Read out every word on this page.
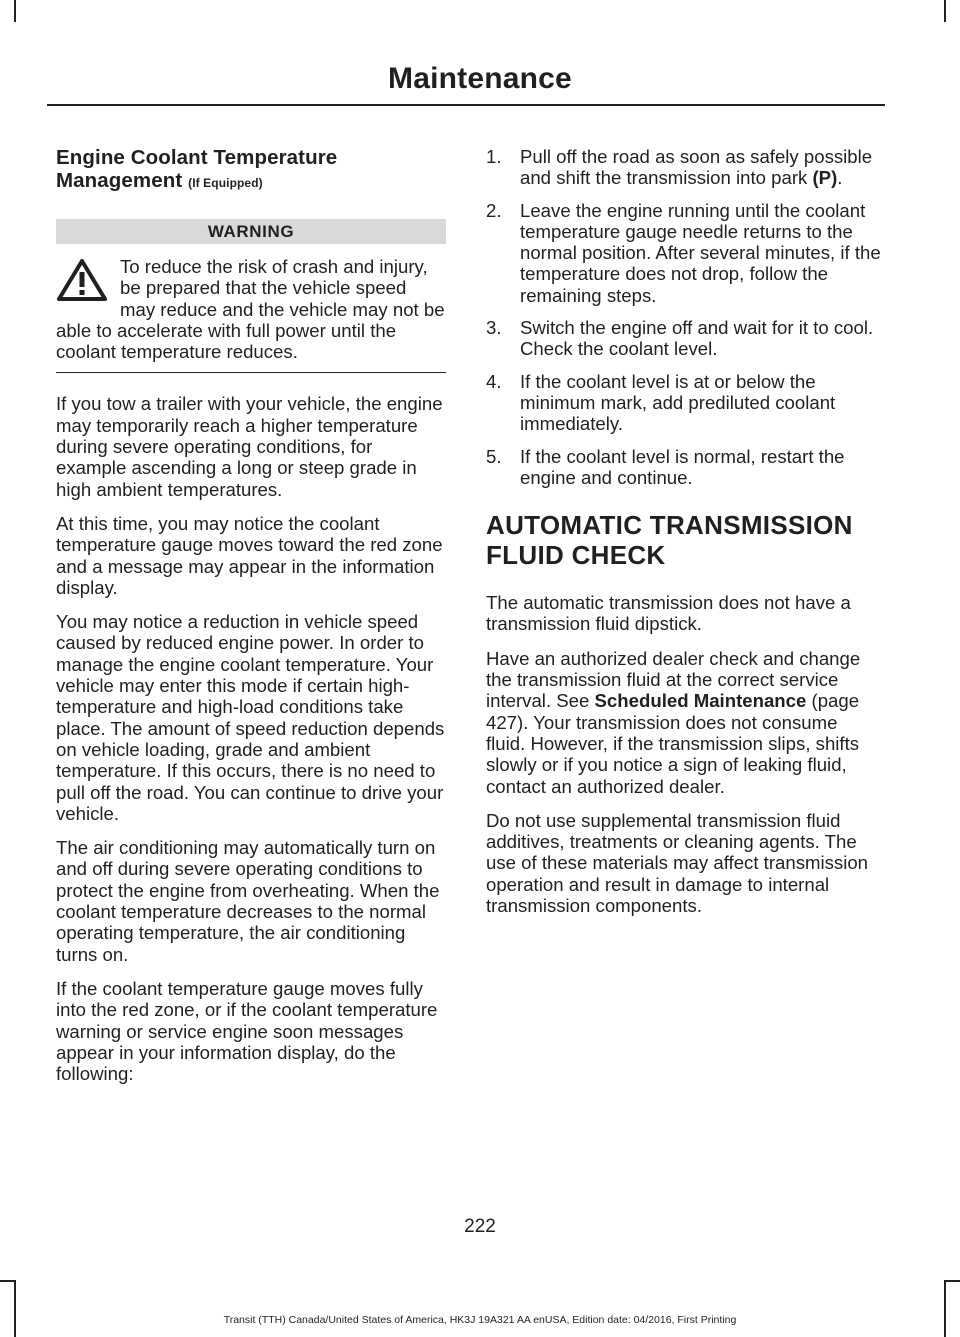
Maintenance
Engine Coolant Temperature Management (If Equipped)
WARNING

To reduce the risk of crash and injury, be prepared that the vehicle speed may reduce and the vehicle may not be able to accelerate with full power until the coolant temperature reduces.

If you tow a trailer with your vehicle, the engine may temporarily reach a higher temperature during severe operating conditions, for example ascending a long or steep grade in high ambient temperatures.

At this time, you may notice the coolant temperature gauge moves toward the red zone and a message may appear in the information display.

You may notice a reduction in vehicle speed caused by reduced engine power. In order to manage the engine coolant temperature. Your vehicle may enter this mode if certain high-temperature and high-load conditions take place. The amount of speed reduction depends on vehicle loading, grade and ambient temperature. If this occurs, there is no need to pull off the road. You can continue to drive your vehicle.

The air conditioning may automatically turn on and off during severe operating conditions to protect the engine from overheating. When the coolant temperature decreases to the normal operating temperature, the air conditioning turns on.

If the coolant temperature gauge moves fully into the red zone, or if the coolant temperature warning or service engine soon messages appear in your information display, do the following:

1. Pull off the road as soon as safely possible and shift the transmission into park (P).
2. Leave the engine running until the coolant temperature gauge needle returns to the normal position. After several minutes, if the temperature does not drop, follow the remaining steps.
3. Switch the engine off and wait for it to cool. Check the coolant level.
4. If the coolant level is at or below the minimum mark, add prediluted coolant immediately.
5. If the coolant level is normal, restart the engine and continue.
AUTOMATIC TRANSMISSION
FLUID CHECK

The automatic transmission does not have a transmission fluid dipstick.

Have an authorized dealer check and change the transmission fluid at the correct service interval. See Scheduled Maintenance (page 427). Your transmission does not consume fluid. However, if the transmission slips, shifts slowly or if you notice a sign of leaking fluid, contact an authorized dealer.

Do not use supplemental transmission fluid additives, treatments or cleaning agents. The use of these materials may affect transmission operation and result in damage to internal transmission components.

222
Transit (TTH) Canada/United States of America, HK3J 19A321 AA enUSA, Edition date: 04/2016, First Printing
